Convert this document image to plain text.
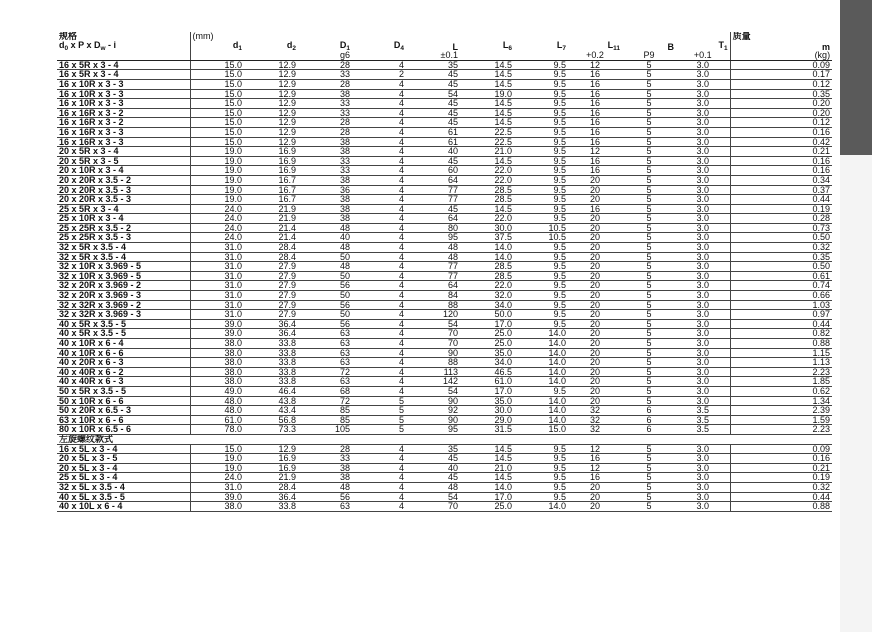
规格	(mm)										质量
$d_0$ x P x $D_w$ - i	$d_1$	$d_2$	$D_1$	$D_4$	L	$L_6$	$L_7$	$L_{11}$	B	$T_1$	m
			g6		±0.1			+0.2	P9	+0.1	(kg)
16 x 5R x 3 - 4	15.0	12.9	28	4	35	14.5	9.5	12	5	3.0	0.09
16 x 5R x 3 - 4	15.0	12.9	33	2	45	14.5	9.5	16	5	3.0	0.17
16 x 10R x 3 - 3	15.0	12.9	28	4	45	14.5	9.5	16	5	3.0	0.12
16 x 10R x 3 - 3	15.0	12.9	38	4	54	19.0	9.5	16	5	3.0	0.35
16 x 10R x 3 - 3	15.0	12.9	33	4	45	14.5	9.5	16	5	3.0	0.20
16 x 16R x 3 - 2	15.0	12.9	33	4	45	14.5	9.5	16	5	3.0	0.20
16 x 16R x 3 - 2	15.0	12.9	28	4	45	14.5	9.5	16	5	3.0	0.12
16 x 16R x 3 - 3	15.0	12.9	28	4	61	22.5	9.5	16	5	3.0	0.16
16 x 16R x 3 - 3	15.0	12.9	38	4	61	22.5	9.5	16	5	3.0	0.42
20 x 5R x 3 - 4	19.0	16.9	38	4	40	21.0	9.5	12	5	3.0	0.21
20 x 5R x 3 - 5	19.0	16.9	33	4	45	14.5	9.5	16	5	3.0	0.16
20 x 10R x 3 - 4	19.0	16.9	33	4	60	22.0	9.5	16	5	3.0	0.16
20 x 20R x 3.5 - 2	19.0	16.7	38	4	64	22.0	9.5	20	5	3.0	0.34
20 x 20R x 3.5 - 3	19.0	16.7	36	4	77	28.5	9.5	20	5	3.0	0.37
20 x 20R x 3.5 - 3	19.0	16.7	38	4	77	28.5	9.5	20	5	3.0	0.44
25 x 5R x 3 - 4	24.0	21.9	38	4	45	14.5	9.5	16	5	3.0	0.19
25 x 10R x 3 - 4	24.0	21.9	38	4	64	22.0	9.5	20	5	3.0	0.28
25 x 25R x 3.5 - 2	24.0	21.4	48	4	80	30.0	10.5	20	5	3.0	0.73
25 x 25R x 3.5 - 3	24.0	21.4	40	4	95	37.5	10.5	20	5	3.0	0.50
32 x 5R x 3.5 - 4	31.0	28.4	48	4	48	14.0	9.5	20	5	3.0	0.32
32 x 5R x 3.5 - 4	31.0	28.4	50	4	48	14.0	9.5	20	5	3.0	0.35
32 x 10R x 3.969 - 5	31.0	27.9	48	4	77	28.5	9.5	20	5	3.0	0.50
32 x 10R x 3.969 - 5	31.0	27.9	50	4	77	28.5	9.5	20	5	3.0	0.61
32 x 20R x 3.969 - 2	31.0	27.9	56	4	64	22.0	9.5	20	5	3.0	0.74
32 x 20R x 3.969 - 3	31.0	27.9	50	4	84	32.0	9.5	20	5	3.0	0.66
32 x 32R x 3.969 - 2	31.0	27.9	56	4	88	34.0	9.5	20	5	3.0	1.03
32 x 32R x 3.969 - 3	31.0	27.9	50	4	120	50.0	9.5	20	5	3.0	0.97
40 x 5R x 3.5 - 5	39.0	36.4	56	4	54	17.0	9.5	20	5	3.0	0.44
40 x 5R x 3.5 - 5	39.0	36.4	63	4	70	25.0	14.0	20	5	3.0	0.82
40 x 10R x 6 - 4	38.0	33.8	63	4	70	25.0	14.0	20	5	3.0	0.88
40 x 10R x 6 - 6	38.0	33.8	63	4	90	35.0	14.0	20	5	3.0	1.15
40 x 20R x 6 - 3	38.0	33.8	63	4	88	34.0	14.0	20	5	3.0	1.13
40 x 40R x 6 - 2	38.0	33.8	72	4	113	46.5	14.0	20	5	3.0	2.23
40 x 40R x 6 - 3	38.0	33.8	63	4	142	61.0	14.0	20	5	3.0	1.85
50 x 5R x 3.5 - 5	49.0	46.4	68	4	54	17.0	9.5	20	5	3.0	0.62
50 x 10R x 6 - 6	48.0	43.8	72	5	90	35.0	14.0	20	5	3.0	1.34
50 x 20R x 6.5 - 3	48.0	43.4	85	5	92	30.0	14.0	32	6	3.5	2.39
63 x 10R x 6 - 6	61.0	56.8	85	5	90	29.0	14.0	32	6	3.5	1.59
80 x 10R x 6.5 - 6	78.0	73.3	105	5	95	31.5	15.0	32	6	3.5	2.23
左旋螺纹款式											
16 x 5L x 3 - 4	15.0	12.9	28	4	35	14.5	9.5	12	5	3.0	0.09
20 x 5L x 3 - 5	19.0	16.9	33	4	45	14.5	9.5	16	5	3.0	0.16
20 x 5L x 3 - 4	19.0	16.9	38	4	40	21.0	9.5	12	5	3.0	0.21
25 x 5L x 3 - 4	24.0	21.9	38	4	45	14.5	9.5	16	5	3.0	0.19
32 x 5L x 3.5 - 4	31.0	28.4	48	4	48	14.0	9.5	20	5	3.0	0.32
40 x 5L x 3.5 - 5	39.0	36.4	56	4	54	17.0	9.5	20	5	3.0	0.44
40 x 10L x 6 - 4	38.0	33.8	63	4	70	25.0	14.0	20	5	3.0	0.88
